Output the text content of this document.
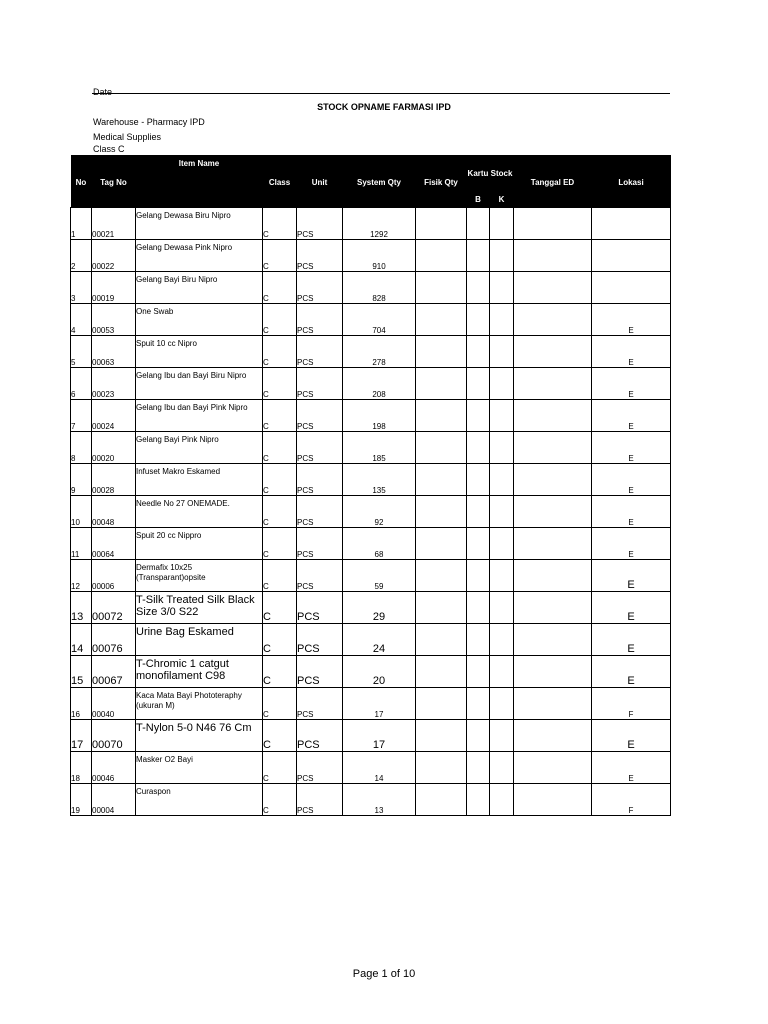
Date
STOCK OPNAME FARMASI IPD
Warehouse - Pharmacy IPD
Medical Supplies
Class C
		Item Name					Kartu Stock			
No	Tag No		Class	Unit	System Qty	Fisik Qty			Tanggal ED	Lokasi
							B	K		
1	00021	Gelang Dewasa Biru Nipro	C	PCS	1292					
2	00022	Gelang Dewasa Pink Nipro	C	PCS	910					
3	00019	Gelang Bayi Biru Nipro	C	PCS	828					
4	00053	One Swab	C	PCS	704					E
5	00063	Spuit 10 cc Nipro	C	PCS	278					E
6	00023	Gelang Ibu dan Bayi Biru Nipro	C	PCS	208					E
7	00024	Gelang Ibu dan Bayi Pink Nipro	C	PCS	198					E
8	00020	Gelang Bayi Pink Nipro	C	PCS	185					E
9	00028	Infuset Makro Eskamed	C	PCS	135					E
10	00048	Needle No 27 ONEMADE.	C	PCS	92					E
11	00064	Spuit 20 cc Nippro	C	PCS	68					E
12	00006	Dermafix 10x25 (Transparant)opsite	C	PCS	59					E
13	00072	T-Silk Treated Silk Black Size 3/0 S22	C	PCS	29					E
14	00076	Urine Bag Eskamed	C	PCS	24					E
15	00067	T-Chromic 1 catgut monofilament C98	C	PCS	20					E
16	00040	Kaca Mata Bayi Phototeraphy (ukuran M)	C	PCS	17					F
17	00070	T-Nylon 5-0 N46 76 Cm	C	PCS	17					E
18	00046	Masker O2 Bayi	C	PCS	14					E
19	00004	Curaspon	C	PCS	13					F
Page 1 of 10
